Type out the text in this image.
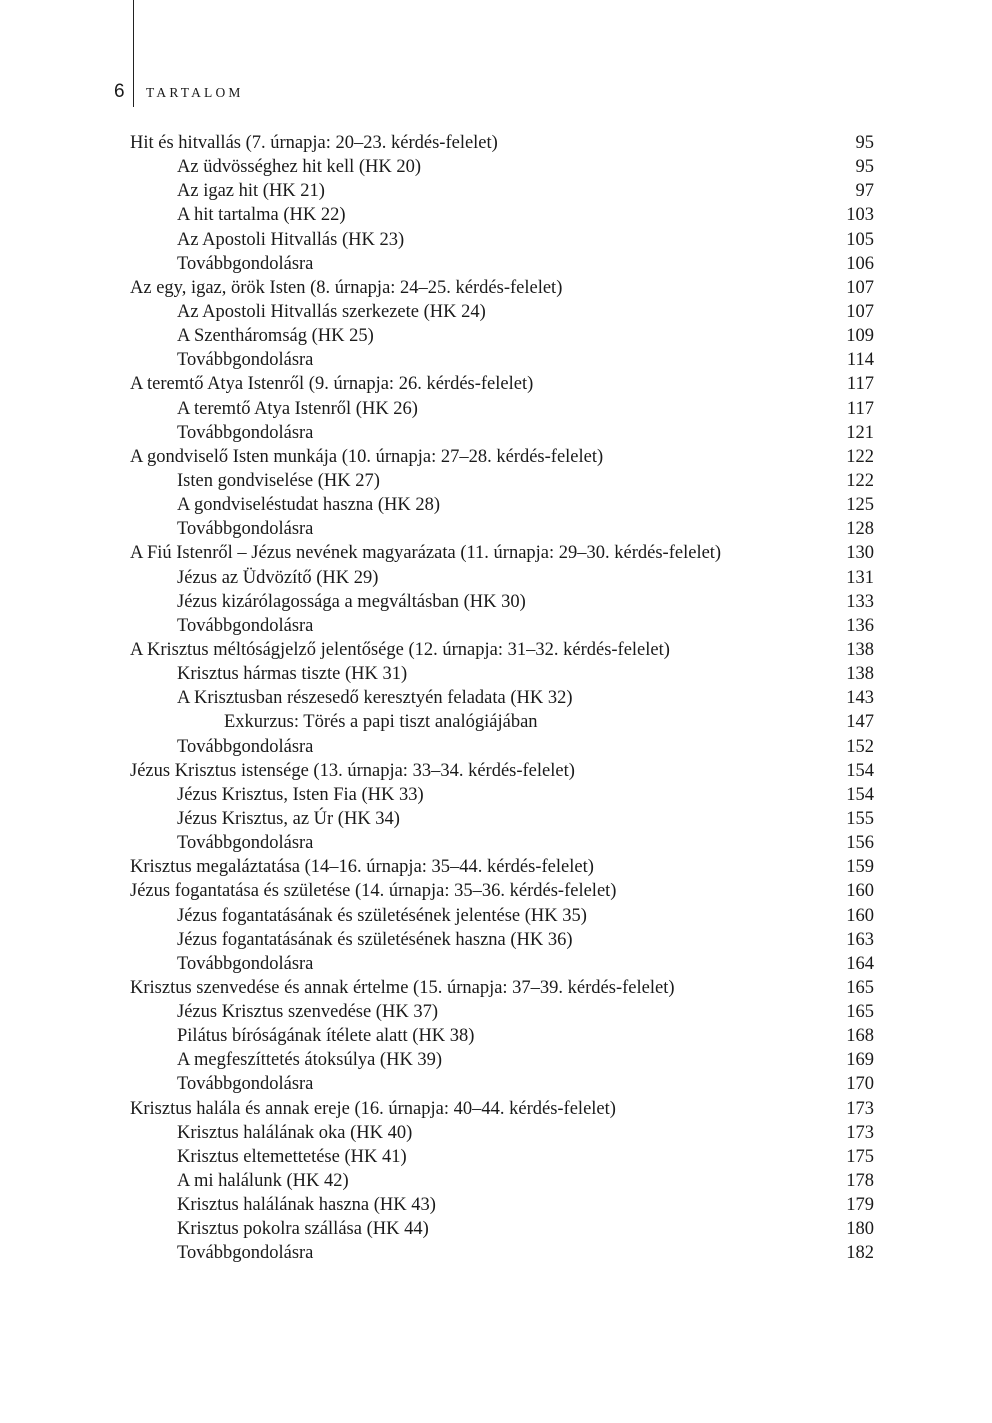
6 TARTALOM
Hit és hitvallás (7. úrnapja: 20–23. kérdés-felelet)	95
Az üdvösséghez hit kell (HK 20)	95
Az igaz hit (HK 21)	97
A hit tartalma (HK 22)	103
Az Apostoli Hitvallás (HK 23)	105
Továbbgondolásra	106
Az egy, igaz, örök Isten (8. úrnapja: 24–25. kérdés-felelet)	107
Az Apostoli Hitvallás szerkezete (HK 24)	107
A Szentháromság (HK 25)	109
Továbbgondolásra	114
A teremtő Atya Istenről (9. úrnapja: 26. kérdés-felelet)	117
A teremtő Atya Istenről (HK 26)	117
Továbbgondolásra	121
A gondviselő Isten munkája (10. úrnapja: 27–28. kérdés-felelet)	122
Isten gondviselése (HK 27)	122
A gondviseléstudat haszna (HK 28)	125
Továbbgondolásra	128
A Fiú Istenről – Jézus nevének magyarázata (11. úrnapja: 29–30. kérdés-felelet)	130
Jézus az Üdvözítő (HK 29)	131
Jézus kizárólagossága a megváltásban (HK 30)	133
Továbbgondolásra	136
A Krisztus méltóságjelző jelentősége (12. úrnapja: 31–32. kérdés-felelet)	138
Krisztus hármas tiszte (HK 31)	138
A Krisztusban részesedő keresztyén feladata (HK 32)	143
Exkurzus: Törés a papi tiszt analógiájában	147
Továbbgondolásra	152
Jézus Krisztus istensége (13. úrnapja: 33–34. kérdés-felelet)	154
Jézus Krisztus, Isten Fia (HK 33)	154
Jézus Krisztus, az Úr (HK 34)	155
Továbbgondolásra	156
Krisztus megaláztatása (14–16. úrnapja: 35–44. kérdés-felelet)	159
Jézus fogantatása és születése (14. úrnapja: 35–36. kérdés-felelet)	160
Jézus fogantatásának és születésének jelentése (HK 35)	160
Jézus fogantatásának és születésének haszna (HK 36)	163
Továbbgondolásra	164
Krisztus szenvedése és annak értelme (15. úrnapja: 37–39. kérdés-felelet)	165
Jézus Krisztus szenvedése (HK 37)	165
Pilátus bíróságának ítélete alatt (HK 38)	168
A megfeszíttetés átoksúlya (HK 39)	169
Továbbgondolásra	170
Krisztus halála és annak ereje (16. úrnapja: 40–44. kérdés-felelet)	173
Krisztus halálának oka (HK 40)	173
Krisztus eltemettetése (HK 41)	175
A mi halálunk (HK 42)	178
Krisztus halálának haszna (HK 43)	179
Krisztus pokolra szállása (HK 44)	180
Továbbgondolásra	182
